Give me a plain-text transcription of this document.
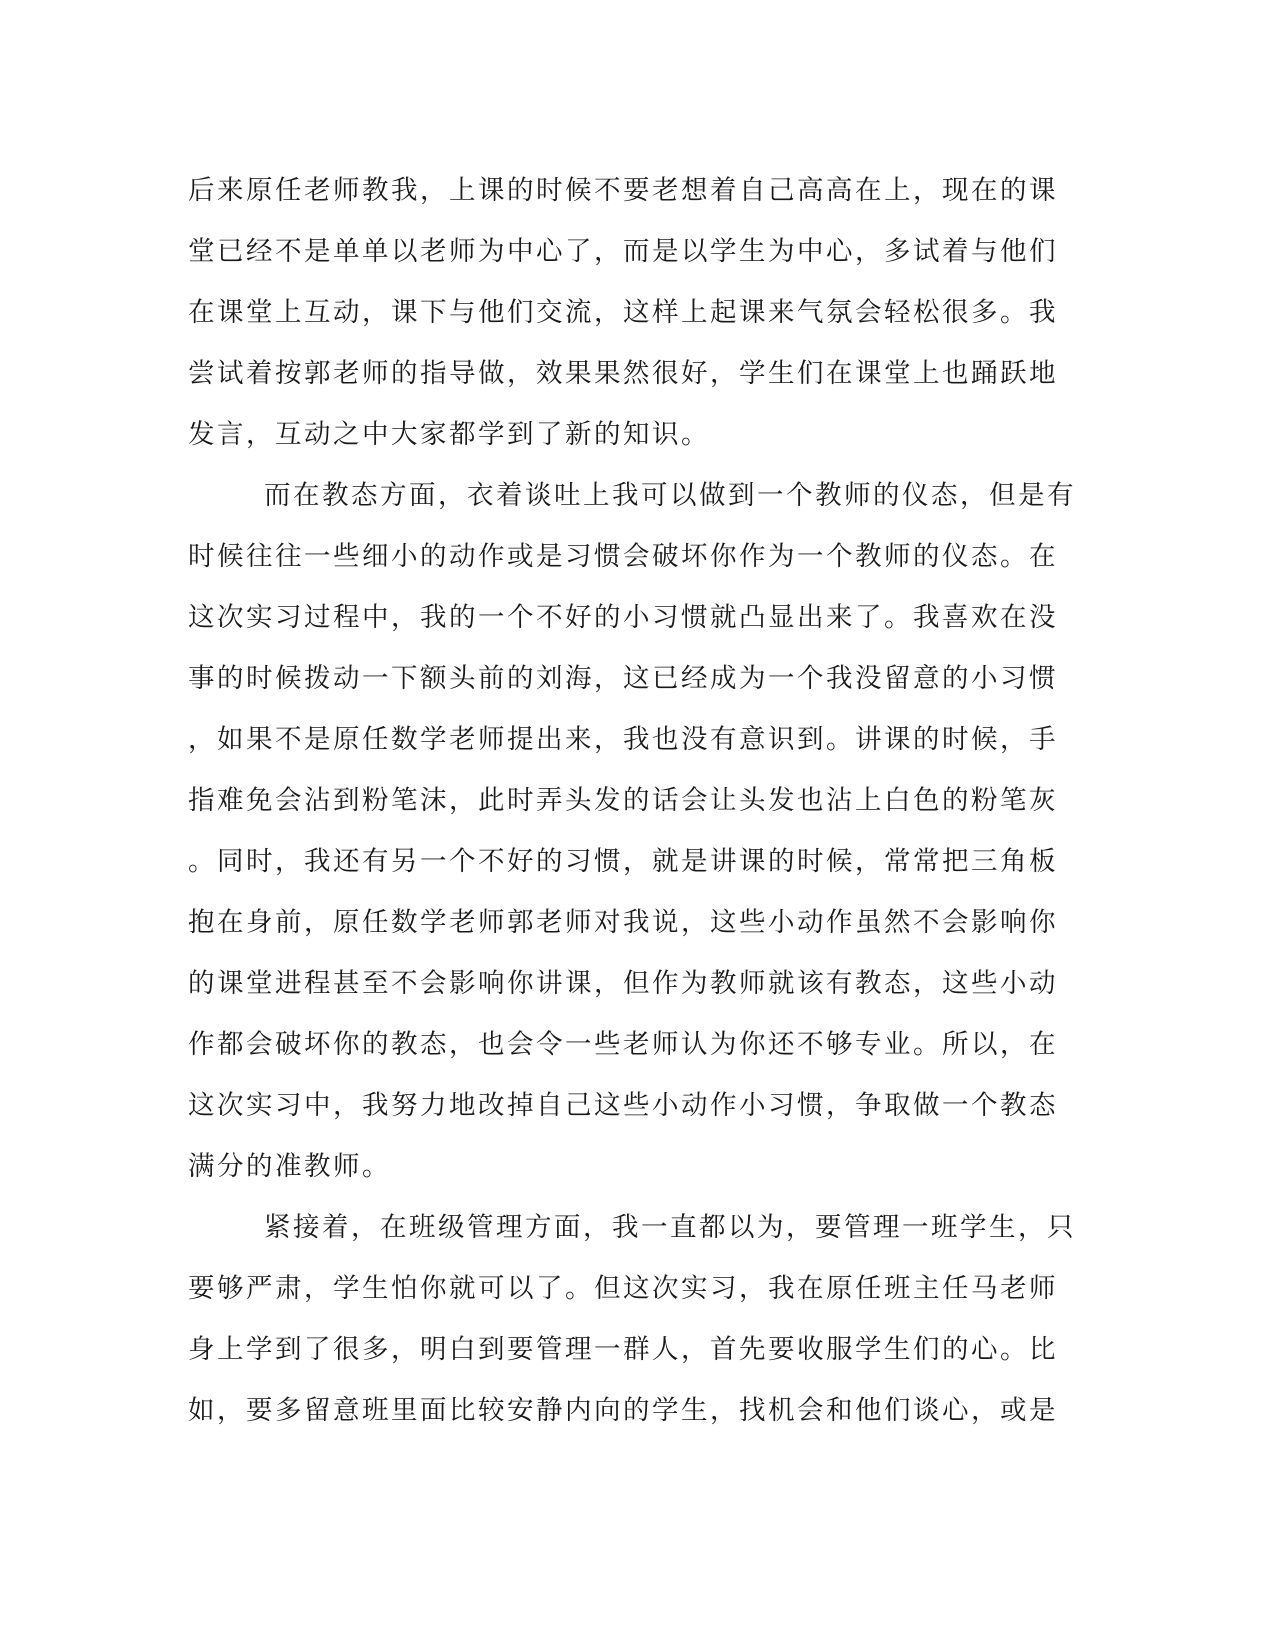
后来原任老师教我，上课的时候不要老想着自己高高在上，现在的课
堂已经不是单单以老师为中心了，而是以学生为中心，多试着与他们
在课堂上互动，课下与他们交流，这样上起课来气氛会轻松很多。我
尝试着按郭老师的指导做，效果果然很好，学生们在课堂上也踊跃地
发言，互动之中大家都学到了新的知识。
而在教态方面，衣着谈吐上我可以做到一个教师的仪态，但是有
时候往往一些细小的动作或是习惯会破坏你作为一个教师的仪态。在
这次实习过程中，我的一个不好的小习惯就凸显出来了。我喜欢在没
事的时候拨动一下额头前的刘海，这已经成为一个我没留意的小习惯
，如果不是原任数学老师提出来，我也没有意识到。讲课的时候，手
指难免会沾到粉笔沫，此时弄头发的话会让头发也沾上白色的粉笔灰
。同时，我还有另一个不好的习惯，就是讲课的时候，常常把三角板
抱在身前，原任数学老师郭老师对我说，这些小动作虽然不会影响你
的课堂进程甚至不会影响你讲课，但作为教师就该有教态，这些小动
作都会破坏你的教态，也会令一些老师认为你还不够专业。所以，在
这次实习中，我努力地改掉自己这些小动作小习惯，争取做一个教态
满分的准教师。
紧接着，在班级管理方面，我一直都以为，要管理一班学生，只
要够严肃，学生怕你就可以了。但这次实习，我在原任班主任马老师
身上学到了很多，明白到要管理一群人，首先要收服学生们的心。比
如，要多留意班里面比较安静内向的学生，找机会和他们谈心，或是
